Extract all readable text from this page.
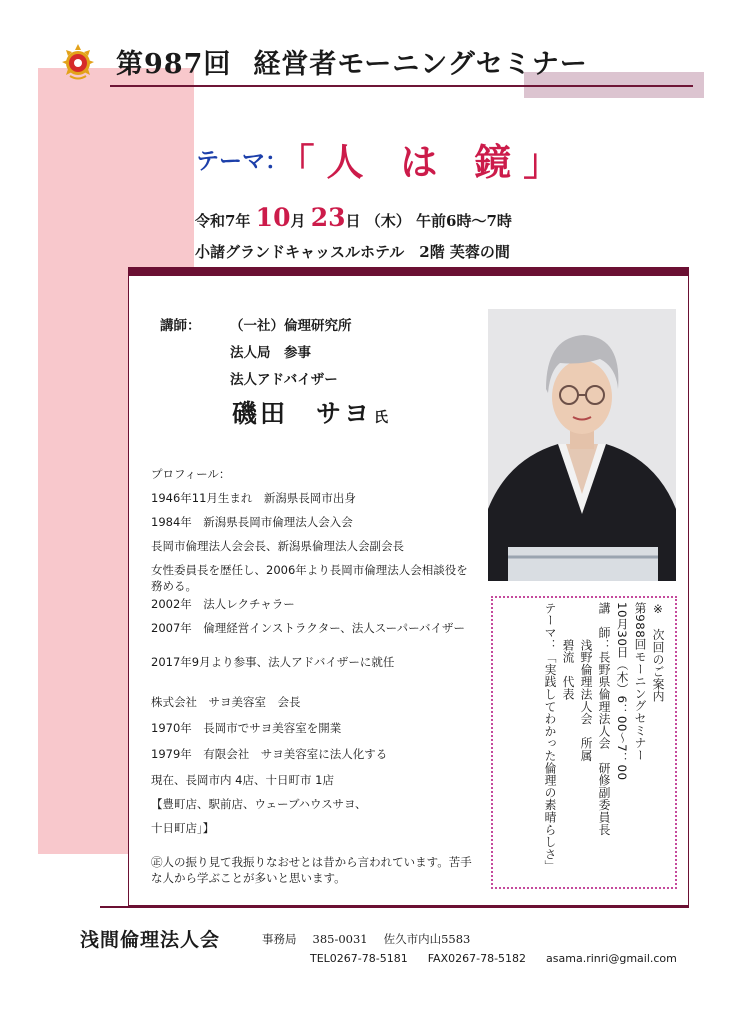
第987回 経営者モーニングセミナー
テーマ： 「人 は 鏡」
令和7年 10月 23日 （木） 午前6時～7時
小諸グランドキャッスルホテル　2階 芙蓉の間
講師： （一社）倫理研究所
法人局　参事
法人アドバイザー
磯田　サヨ 氏

プロフィール：

1946年11月生まれ　新潟県長岡市出身

1984年　新潟県長岡市倫理法人会入会

長岡市倫理法人会会長、新潟県倫理法人会副会長

女性委員長を歴任し、2006年より長岡市倫理法人会相談役を務める。

2002年　法人レクチャラー

2007年　倫理経営インストラクター、法人スーパーバイザー

2017年9月より参事、法人アドバイザーに就任

株式会社　サヨ美容室　会長

1970年　長岡市でサヨ美容室を開業

1979年　有限会社　サヨ美容室に法人化する

現在、長岡市内 4店、十日町市 1店

【豊町店、駅前店、ウェーブハウスサヨ、

十日町店」】

㊣人の振り見て我振りなおせとは昔から言われています。苦手な人から学ぶことが多いと思います。

※　次回のご案内
第988回モーニングセミナー
10月30日（木）6：00～7：00
講　師：長野県倫理法人会　研修副委員長
　　　浅野倫理法人会　所属
　　　碧流　代表
テーマ：「実践してわかった倫理の素晴らしさ」
浅間倫理法人会	事務局 385-0031 佐久市内山5583
TEL0267-78-5181 FAX0267-78-5182 asama.rinri@gmail.com
